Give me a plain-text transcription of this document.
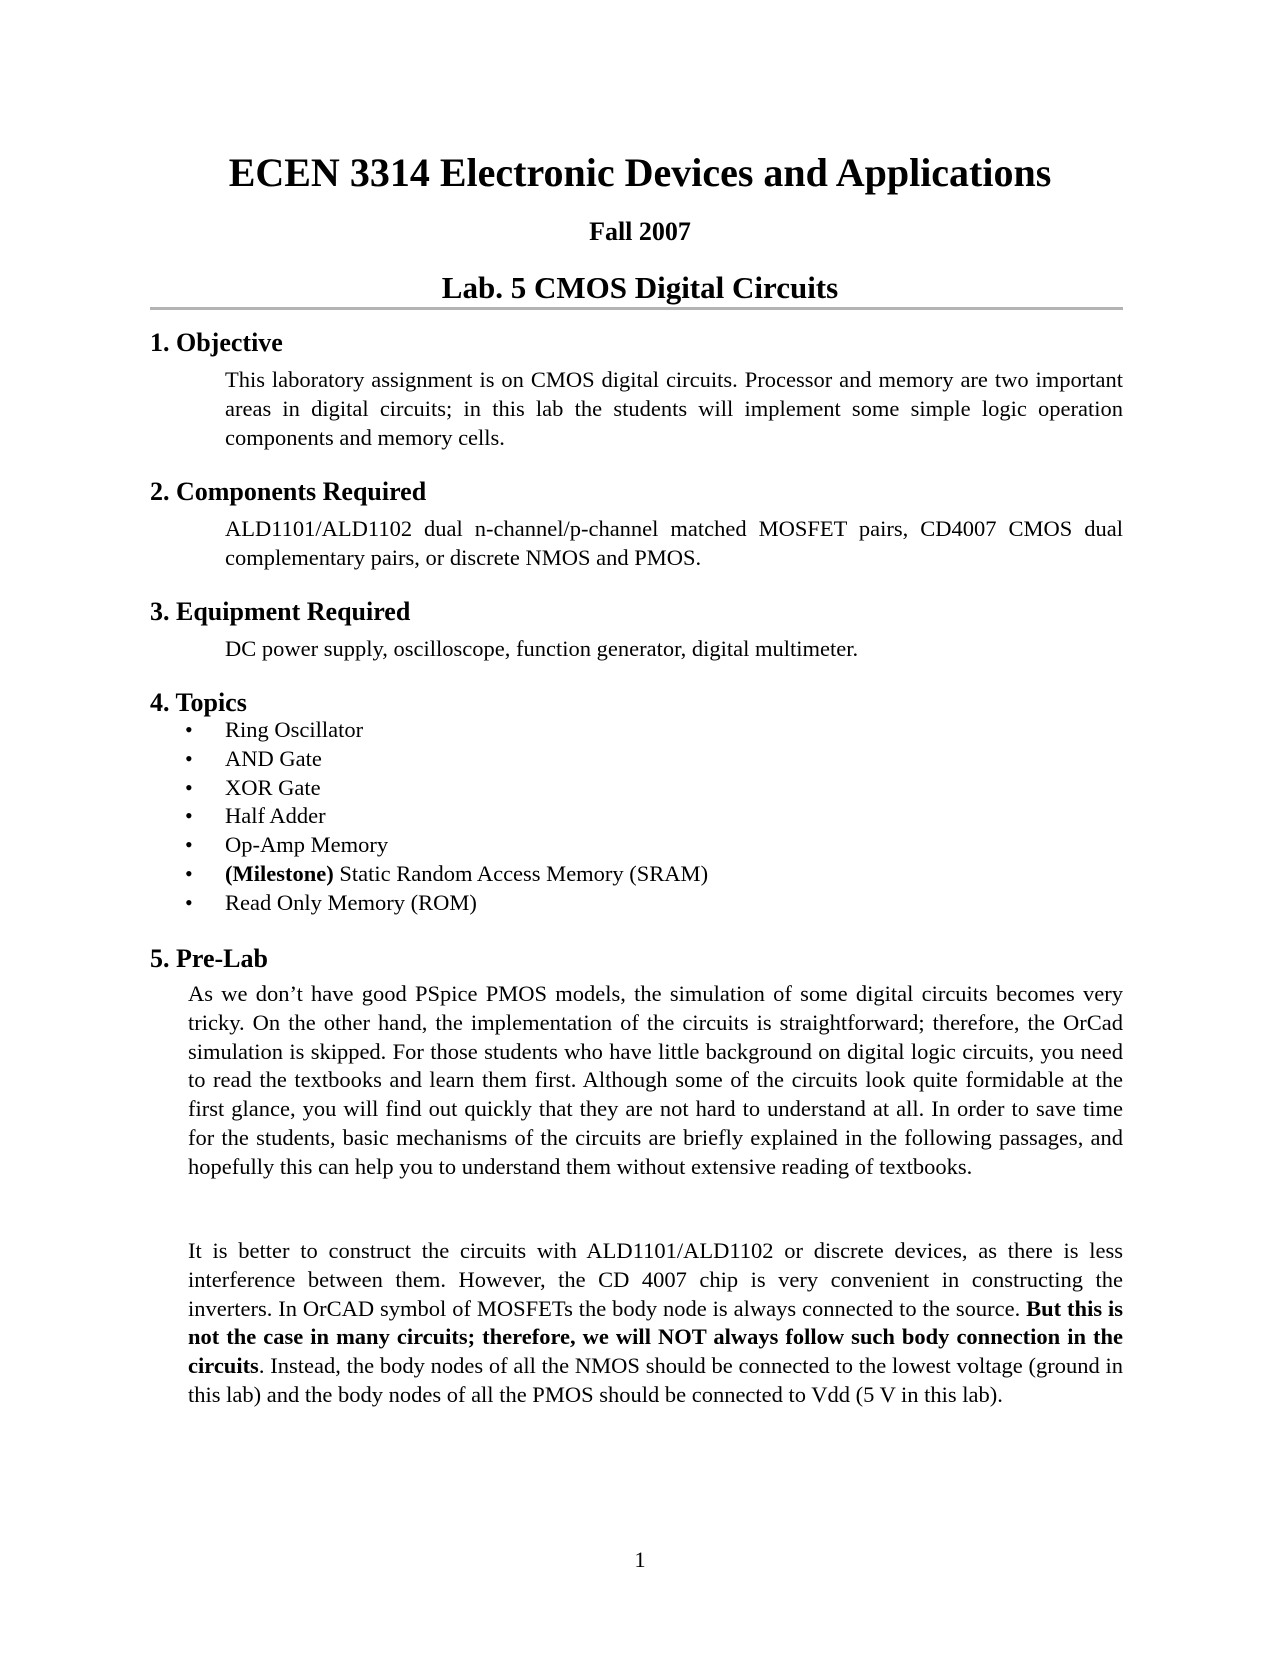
ECEN 3314 Electronic Devices and Applications
Fall 2007
Lab. 5 CMOS Digital Circuits
1. Objective

This laboratory assignment is on CMOS digital circuits. Processor and memory are two important areas in digital circuits; in this lab the students will implement some simple logic operation components and memory cells.

2. Components Required

ALD1101/ALD1102 dual n-channel/p-channel matched MOSFET pairs, CD4007 CMOS dual complementary pairs, or discrete NMOS and PMOS.

3. Equipment Required

DC power supply, oscilloscope, function generator, digital multimeter.

4. Topics
• Ring Oscillator
• AND Gate
• XOR Gate
• Half Adder
• Op-Amp Memory
• (Milestone) Static Random Access Memory (SRAM)
• Read Only Memory (ROM)
5. Pre-Lab

As we don’t have good PSpice PMOS models, the simulation of some digital circuits becomes very tricky. On the other hand, the implementation of the circuits is straightforward; therefore, the OrCad simulation is skipped. For those students who have little background on digital logic circuits, you need to read the textbooks and learn them first. Although some of the circuits look quite formidable at the first glance, you will find out quickly that they are not hard to understand at all. In order to save time for the students, basic mechanisms of the circuits are briefly explained in the following passages, and hopefully this can help you to understand them without extensive reading of textbooks.

It is better to construct the circuits with ALD1101/ALD1102 or discrete devices, as there is less interference between them. However, the CD 4007 chip is very convenient in constructing the inverters. In OrCAD symbol of MOSFETs the body node is always connected to the source. But this is not the case in many circuits; therefore, we will NOT always follow such body connection in the circuits. Instead, the body nodes of all the NMOS should be connected to the lowest voltage (ground in this lab) and the body nodes of all the PMOS should be connected to Vdd (5 V in this lab).

1
